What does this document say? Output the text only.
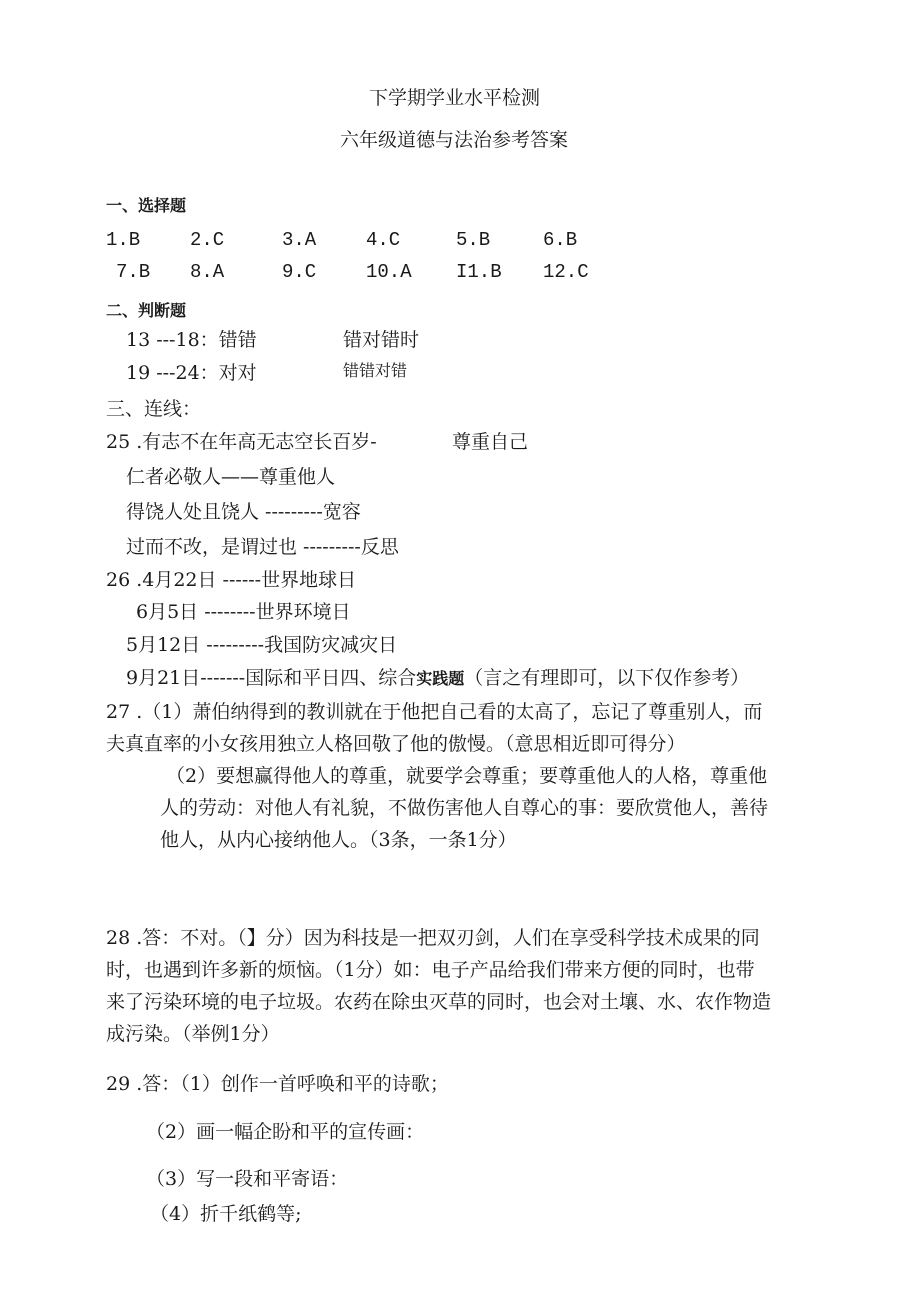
下学期学业水平检测
六年级道德与法治参考答案
一、选择题
1.B	2.C	3.A	4.C	5.B	6.B
7.B 8.A	9.C	10.A I1.B 12.C
二、判断题
13 ---18：错错	错对错时
19 ---24：对对	错错对错
三、连线：
25 .有志不在年高无志空长百岁-	尊重自己
仁者必敬人——尊重他人
得饶人处且饶人 ---------宽容
过而不改，是谓过也 ---------反思
26 .4月22日 ------世界地球日
6月5日 --------世界环境日
5月12日 ---------我国防灾减灾日
9月21日-------国际和平日四、综合实践题（言之有理即可，以下仅作参考）
27 .（1）萧伯纳得到的教训就在于他把自己看的太高了，忘记了尊重别人，而
夫真直率的小女孩用独立人格回敬了他的傲慢。（意思相近即可得分）
（2）要想赢得他人的尊重，就要学会尊重；要尊重他人的人格，尊重他
人的劳动：对他人有礼貌，不做伤害他人自尊心的事：要欣赏他人，善待
他人，从内心接纳他人。（3条，一条1分）
28 .答：不对。（】分）因为科技是一把双刃剑，人们在享受科学技术成果的同
时，也遇到许多新的烦恼。（1分）如：电子产品给我们带来方便的同时，也带
来了污染环境的电子垃圾。农药在除虫灭草的同时，也会对土壤、水、农作物造
成污染。（举例1分）
29 .答：（1）创作一首呼唤和平的诗歌；
（2）画一幅企盼和平的宣传画：
（3）写一段和平寄语：
（4）折千纸鹤等;
